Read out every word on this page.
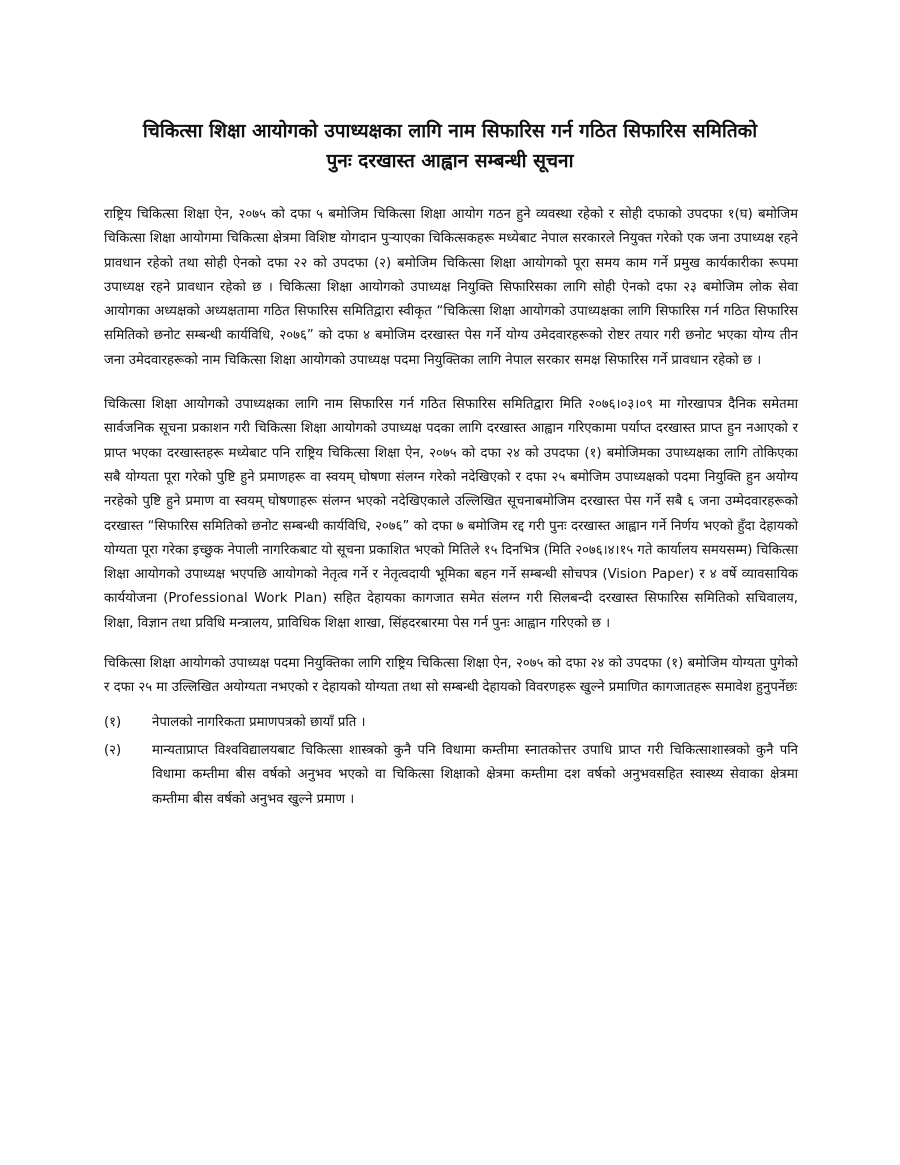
चिकित्सा शिक्षा आयोगको उपाध्यक्षका लागि नाम सिफारिस गर्न गठित सिफारिस समितिको
पुनः दरखास्त आह्वान सम्बन्धी सूचना

राष्ट्रिय चिकित्सा शिक्षा ऐन, २०७५ को दफा ५ बमोजिम चिकित्सा शिक्षा आयोग गठन हुने व्यवस्था रहेको र सोही दफाको उपदफा १(घ) बमोजिम चिकित्सा शिक्षा आयोगमा चिकित्सा क्षेत्रमा विशिष्ट योगदान पुर्‍याएका चिकित्सकहरू मध्येबाट नेपाल सरकारले नियुक्त गरेको एक जना उपाध्यक्ष रहने प्रावधान रहेको तथा सोही ऐनको दफा २२ को उपदफा (२) बमोजिम चिकित्सा शिक्षा आयोगको पूरा समय काम गर्ने प्रमुख कार्यकारीका रूपमा उपाध्यक्ष रहने प्रावधान रहेको छ । चिकित्सा शिक्षा आयोगको उपाध्यक्ष नियुक्ति सिफारिसका लागि सोही ऐनको दफा २३ बमोजिम लोक सेवा आयोगका अध्यक्षको अध्यक्षतामा गठित सिफारिस समितिद्वारा स्वीकृत “चिकित्सा शिक्षा आयोगको उपाध्यक्षका लागि सिफारिस गर्न गठित सिफारिस समितिको छनोट सम्बन्धी कार्यविधि, २०७६” को दफा ४ बमोजिम दरखास्त पेस गर्ने योग्य उमेदवारहरूको रोष्टर तयार गरी छनोट भएका योग्य तीन जना उमेदवारहरूको नाम चिकित्सा शिक्षा आयोगको उपाध्यक्ष पदमा नियुक्तिका लागि नेपाल सरकार समक्ष सिफारिस गर्ने प्रावधान रहेको छ ।

चिकित्सा शिक्षा आयोगको उपाध्यक्षका लागि नाम सिफारिस गर्न गठित सिफारिस समितिद्वारा मिति २०७६।०३।०९ मा गोरखापत्र दैनिक समेतमा सार्वजनिक सूचना प्रकाशन गरी चिकित्सा शिक्षा आयोगको उपाध्यक्ष पदका लागि दरखास्त आह्वान गरिएकामा पर्याप्त दरखास्त प्राप्त हुन नआएको र प्राप्त भएका दरखास्तहरू मध्येबाट पनि राष्ट्रिय चिकित्सा शिक्षा ऐन, २०७५ को दफा २४ को उपदफा (१) बमोजिमका उपाध्यक्षका लागि तोकिएका सबै योग्यता पूरा गरेको पुष्टि हुने प्रमाणहरू वा स्वयम् घोषणा संलग्न गरेको नदेखिएको र दफा २५ बमोजिम उपाध्यक्षको पदमा नियुक्ति हुन अयोग्य नरहेको पुष्टि हुने प्रमाण वा स्वयम् घोषणाहरू संलग्न भएको नदेखिएकाले उल्लिखित सूचनाबमोजिम दरखास्त पेस गर्ने सबै ६ जना उम्मेदवारहरूको दरखास्त “सिफारिस समितिको छनोट सम्बन्धी कार्यविधि, २०७६” को दफा ७ बमोजिम रद्द गरी पुनः दरखास्त आह्वान गर्ने निर्णय भएको हुँदा देहायको योग्यता पूरा गरेका इच्छुक नेपाली नागरिकबाट यो सूचना प्रकाशित भएको मितिले १५ दिनभित्र (मिति २०७६।४।१५ गते कार्यालय समयसम्म) चिकित्सा शिक्षा आयोगको उपाध्यक्ष भएपछि आयोगको नेतृत्व गर्ने र नेतृत्वदायी भूमिका बहन गर्ने सम्बन्धी सोचपत्र (Vision Paper) र ४ वर्षे व्यावसायिक कार्ययोजना (Professional Work Plan) सहित देहायका कागजात समेत संलग्न गरी सिलबन्दी दरखास्त सिफारिस समितिको सचिवालय, शिक्षा, विज्ञान तथा प्रविधि मन्त्रालय, प्राविधिक शिक्षा शाखा, सिंहदरबारमा पेस गर्न पुनः आह्वान गरिएको छ ।

चिकित्सा शिक्षा आयोगको उपाध्यक्ष पदमा नियुक्तिका लागि राष्ट्रिय चिकित्सा शिक्षा ऐन, २०७५ को दफा २४ को उपदफा (१) बमोजिम योग्यता पुगेको र दफा २५ मा उल्लिखित अयोग्यता नभएको र देहायको योग्यता तथा सो सम्बन्धी देहायको विवरणहरू खुल्ने प्रमाणित कागजातहरू समावेश हुनुपर्नेछः

(१)	नेपालको नागरिकता प्रमाणपत्रको छायाँ प्रति ।
(२)	मान्यताप्राप्त विश्वविद्यालयबाट चिकित्सा शास्त्रको कुनै पनि विधामा कम्तीमा स्नातकोत्तर उपाधि प्राप्त गरी चिकित्साशास्त्रको कुनै पनि विधामा कम्तीमा बीस वर्षको अनुभव भएको वा चिकित्सा शिक्षाको क्षेत्रमा कम्तीमा दश वर्षको अनुभवसहित स्वास्थ्य सेवाका क्षेत्रमा कम्तीमा बीस वर्षको अनुभव खुल्ने प्रमाण ।
